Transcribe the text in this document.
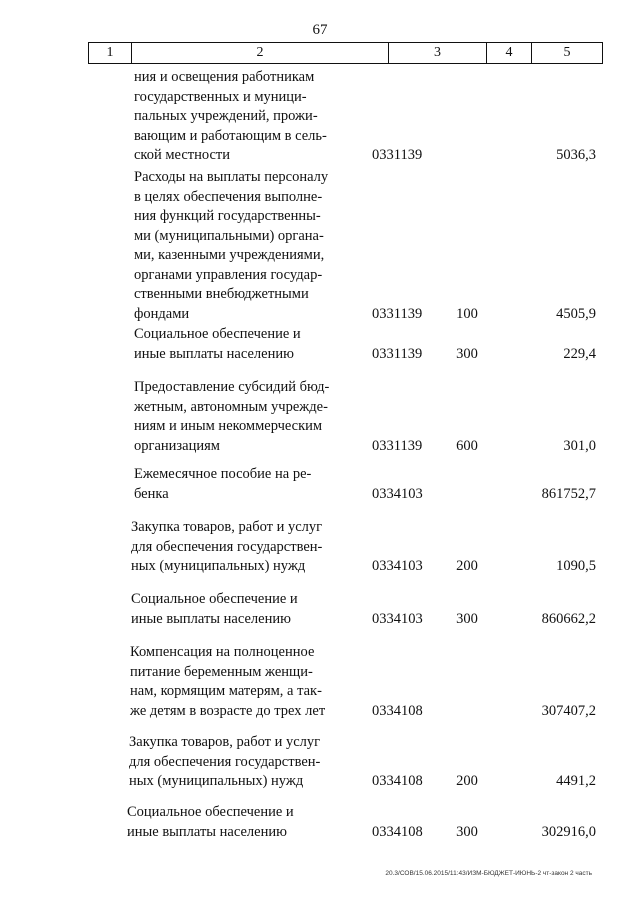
67
1	2	3	4	5
ния и освещения работникам
государственных и муници-
пальных учреждений, прожи-
вающим и работающим в сель-
ской местности	0331139	5036,3
Расходы на выплаты персоналу
в целях обеспечения выполне-
ния функций государственны-
ми (муниципальными) органа-
ми, казенными учреждениями,
органами управления государ-
ственными внебюджетными
фондами	0331139 100	4505,9
Социальное обеспечение и
иные выплаты населению	0331139 300	229,4
Предоставление субсидий бюд-
жетным, автономным учрежде-
ниям и иным некоммерческим
организациям	0331139 600	301,0
Ежемесячное пособие на ре-
бенка	0334103	861752,7
Закупка товаров, работ и услуг
для обеспечения государствен-
ных (муниципальных) нужд	0334103 200	1090,5
Социальное обеспечение и
иные выплаты населению	0334103 300	860662,2
Компенсация на полноценное
питание беременным женщи-
нам, кормящим матерям, а так-
же детям в возрасте до трех лет	0334108	307407,2
Закупка товаров, работ и услуг
для обеспечения государствен-
ных (муниципальных) нужд	0334108 200	4491,2
Социальное обеспечение и
иные выплаты населению	0334108 300	302916,0
20.3/СОВ/15.06.2015/11:43/ИЗМ-БЮДЖЕТ-ИЮНЬ-2 чт-закон 2 часть
